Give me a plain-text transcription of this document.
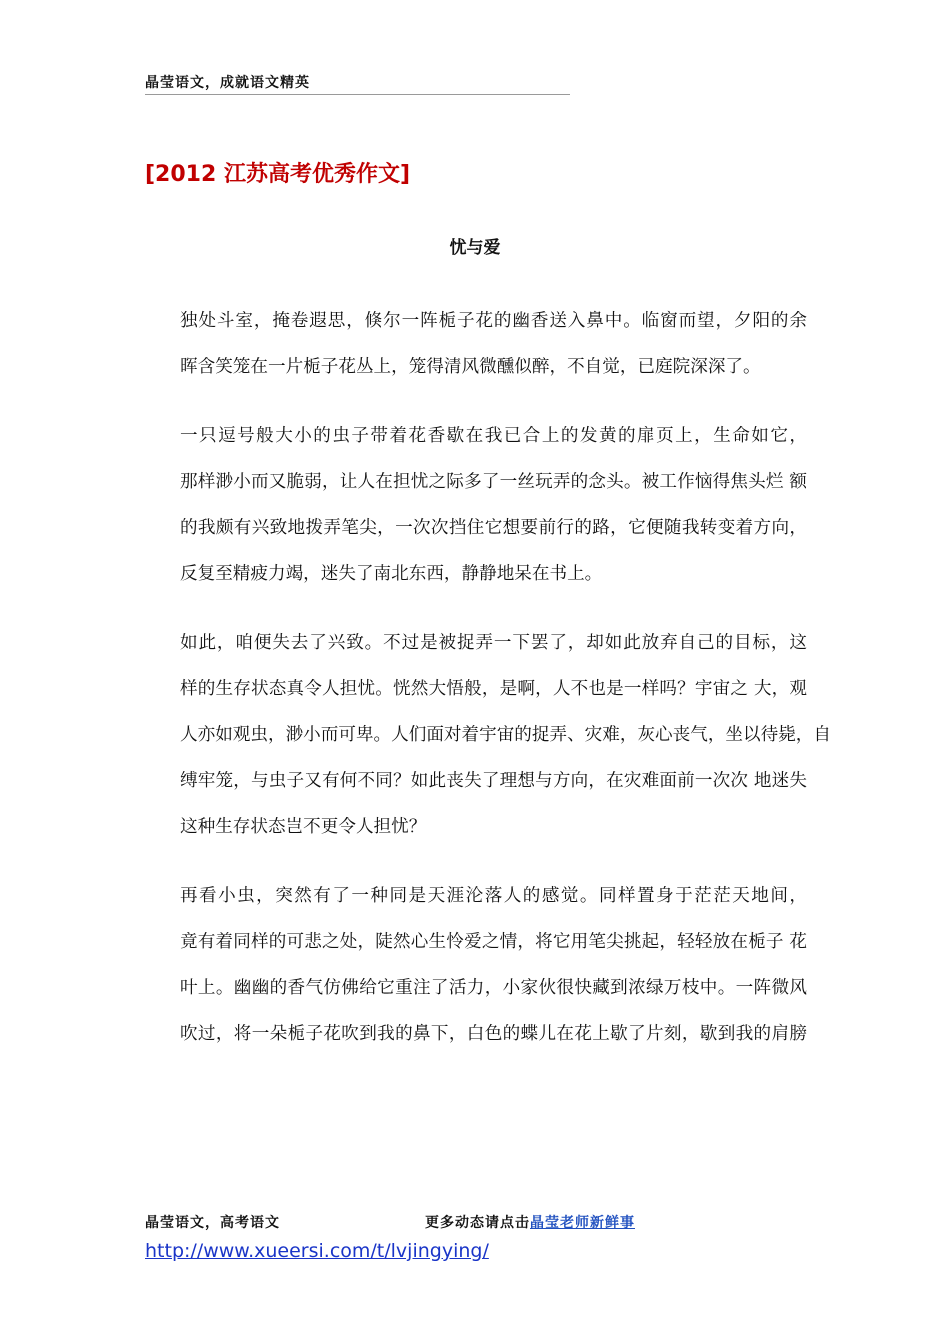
晶莹语文，成就语文精英
[2012 江苏高考优秀作文]
忧与爱

独处斗室，掩卷遐思，倏尔一阵栀子花的幽香送入鼻中。临窗而望，夕阳的余
晖含笑笼在一片栀子花丛上，笼得清风微醺似醉，不自觉，已庭院深深了。

一只逗号般大小的虫子带着花香歇在我已合上的发黄的扉页上，生命如它，
那样渺小而又脆弱，让人在担忧之际多了一丝玩弄的念头。被工作恼得焦头烂 额
的我颇有兴致地拨弄笔尖，一次次挡住它想要前行的路，它便随我转变着方向，
反复至精疲力竭，迷失了南北东西，静静地呆在书上。

如此，咱便失去了兴致。不过是被捉弄一下罢了，却如此放弃自己的目标，这
样的生存状态真令人担忧。恍然大悟般，是啊，人不也是一样吗？宇宙之 大，观
人亦如观虫，渺小而可卑。人们面对着宇宙的捉弄、灾难，灰心丧气，坐以待毙，自
缚牢笼，与虫子又有何不同？如此丧失了理想与方向，在灾难面前一次次 地迷失
这种生存状态岂不更令人担忧？

再看小虫，突然有了一种同是天涯沦落人的感觉。同样置身于茫茫天地间，
竟有着同样的可悲之处，陡然心生怜爱之情，将它用笔尖挑起，轻轻放在栀子 花
叶上。幽幽的香气仿佛给它重注了活力，小家伙很快藏到浓绿万枝中。一阵微风
吹过，将一朵栀子花吹到我的鼻下，白色的蝶儿在花上歇了片刻，歇到我的肩膀

晶莹语文，高考语文	更多动态请点击晶莹老师新鲜事
http://www.xueersi.com/t/lvjingying/
